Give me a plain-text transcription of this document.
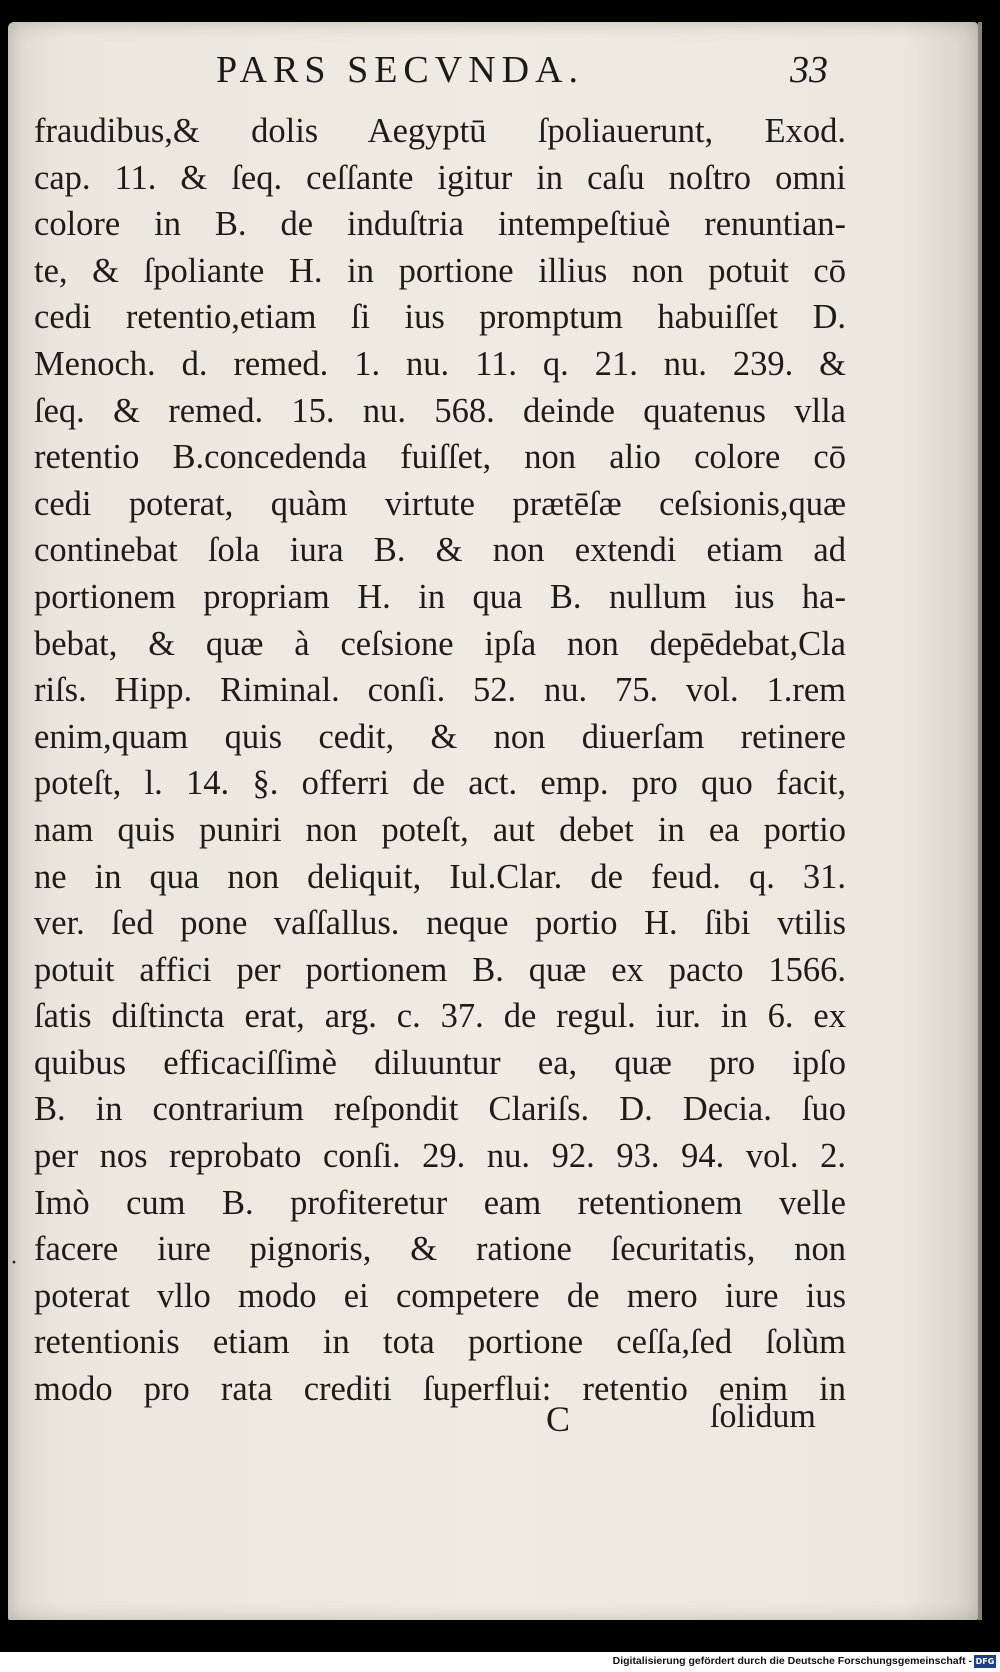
PARS SECVNDA.	33
fraudibus,& dolis Aegyptū ſpoliauerunt, Exod.
cap. 11. & ſeq. ceſſante igitur in caſu noſtro omni
colore in B. de induſtria intempeſtiuè renuntian-
te, & ſpoliante H. in portione illius non potuit cō
cedi retentio,etiam ſi ius promptum habuiſſet D.
Menoch. d. remed. 1. nu. 11. q. 21. nu. 239. &
ſeq. & remed. 15. nu. 568. deinde quatenus vlla
retentio B.concedenda fuiſſet, non alio colore cō
cedi poterat, quàm virtute prætēſæ ceſsionis,quæ
continebat ſola iura B. & non extendi etiam ad
portionem propriam H. in qua B. nullum ius ha-
bebat, & quæ à ceſsione ipſa non depēdebat,Cla
riſs. Hipp. Riminal. conſi. 52. nu. 75. vol. 1.rem
enim,quam quis cedit, & non diuerſam retinere
poteſt, l. 14. §. offerri de act. emp. pro quo facit,
nam quis puniri non poteſt, aut debet in ea portio
ne in qua non deliquit, Iul.Clar. de feud. q. 31.
ver. ſed pone vaſſallus. neque portio H. ſibi vtilis
potuit affici per portionem B. quæ ex pacto 1566.
ſatis diſtincta erat, arg. c. 37. de regul. iur. in 6. ex
quibus efficaciſſimè diluuntur ea, quæ pro ipſo
B. in contrarium reſpondit Clariſs. D. Decia. ſuo
per nos reprobato conſi. 29. nu. 92. 93. 94. vol. 2.
Imò cum B. profiteretur eam retentionem velle
facere iure pignoris, & ratione ſecuritatis, non
poterat vllo modo ei competere de mero iure ius
retentionis etiam in tota portione ceſſa,ſed ſolùm
modo pro rata crediti ſuperflui: retentio enim in
·
C	ſolidum
Digitalisierung gefördert durch die Deutsche Forschungsgemeinschaft - DFG
